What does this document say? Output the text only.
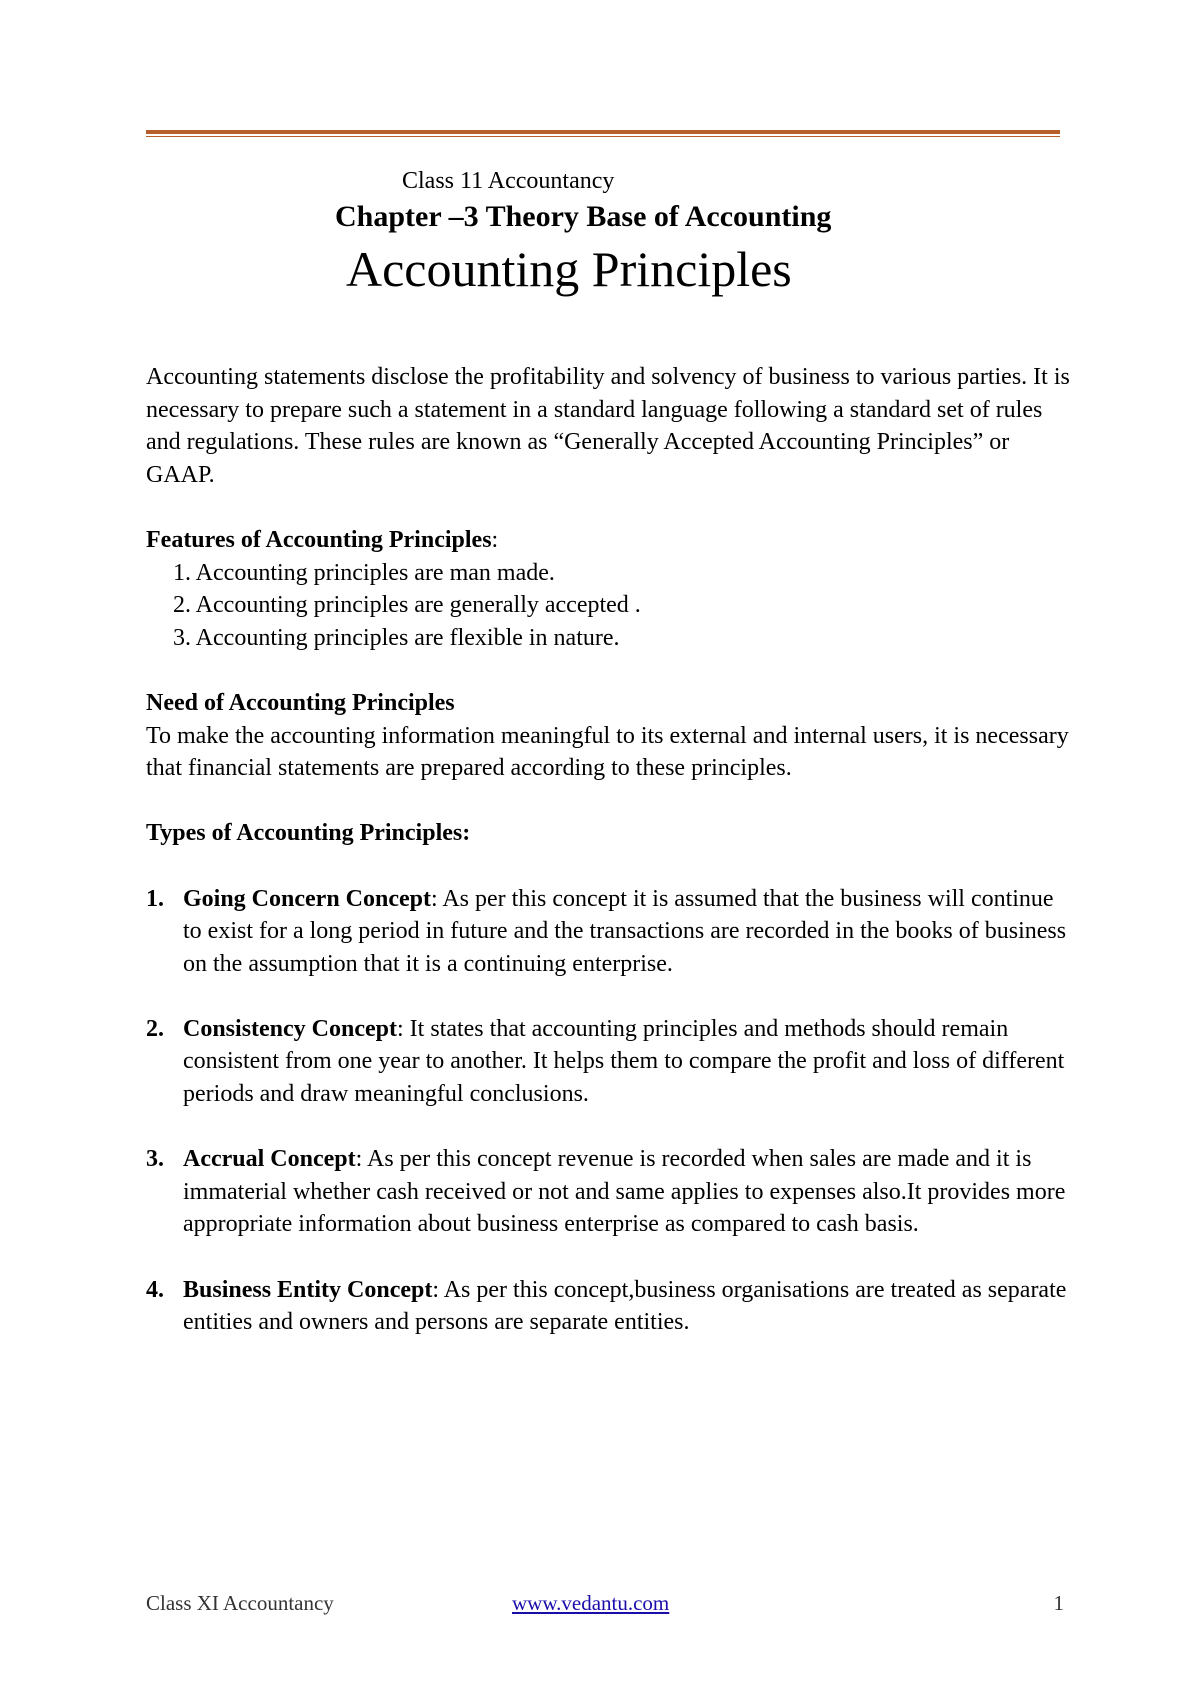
Class 11 Accountancy
Chapter –3 Theory Base of Accounting
Accounting Principles

Accounting statements disclose the profitability and solvency of business to various parties. It is necessary to prepare such a statement in a standard language following a standard set of rules and regulations. These rules are known as “Generally Accepted Accounting Principles” or GAAP.

Features of Accounting Principles:

1. Accounting principles are man made.
2. Accounting principles are generally accepted .
3. Accounting principles are flexible in nature.

Need of Accounting Principles

To make the accounting information meaningful to its external and internal users, it is necessary that financial statements are prepared according to these principles.

Types of Accounting Principles:

1. Going Concern Concept: As per this concept it is assumed that the business will continue to exist for a long period in future and the transactions are recorded in the books of business on the assumption that it is a continuing enterprise.
2. Consistency Concept: It states that accounting principles and methods should remain consistent from one year to another. It helps them to compare the profit and loss of different periods and draw meaningful conclusions.
3. Accrual Concept: As per this concept revenue is recorded when sales are made and it is immaterial whether cash received or not and same applies to expenses also.It provides more appropriate information about business enterprise as compared to cash basis.
4. Business Entity Concept: As per this concept,business organisations are treated as separate entities and owners and persons are separate entities.
Class XI Accountancy	www.vedantu.com	1
